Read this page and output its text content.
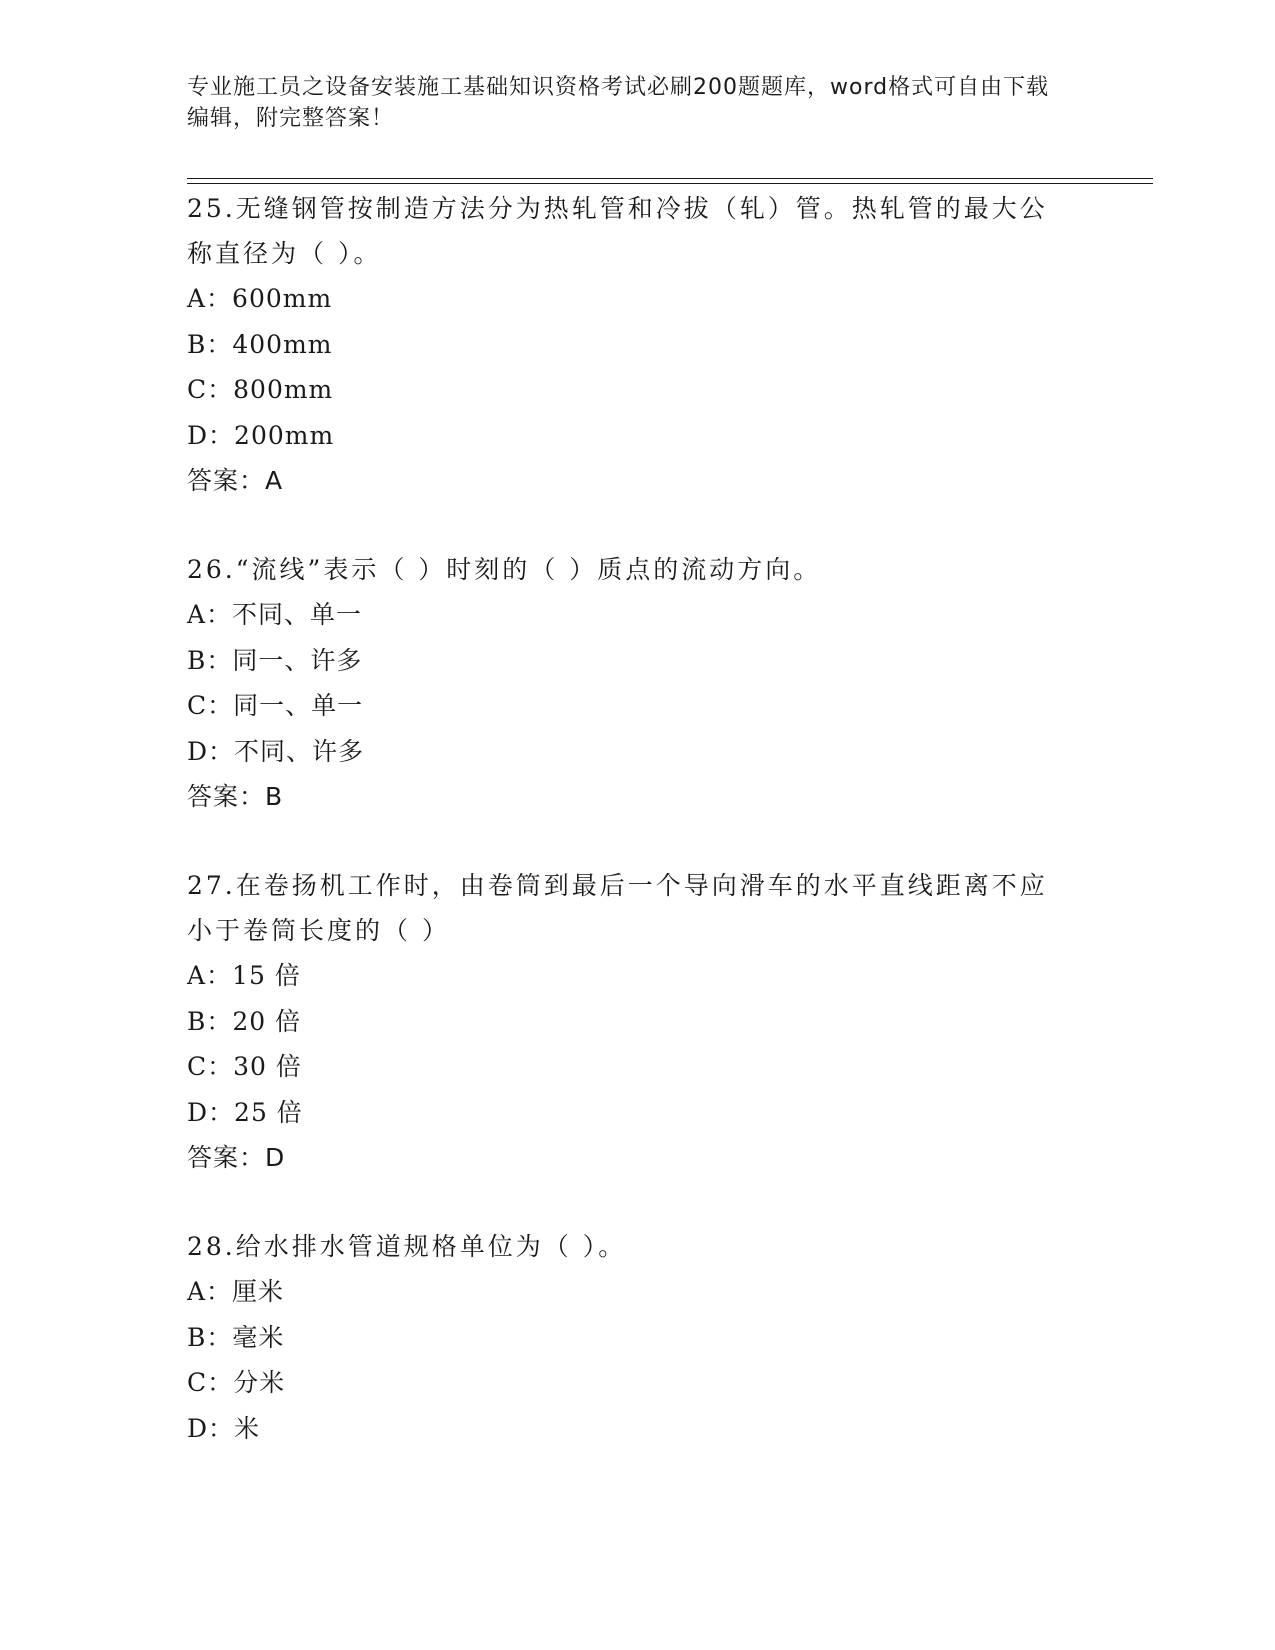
专业施工员之设备安装施工基础知识资格考试必刷200题题库，word格式可自由下载编辑，附完整答案！
25.无缝钢管按制造方法分为热轧管和冷拔（轧）管。热轧管的最大公称直径为（ ）。
A：600mm
B：400mm
C：800mm
D：200mm
答案：A
26.“流线”表示（ ）时刻的（ ）质点的流动方向。
A：不同、单一
B：同一、许多
C：同一、单一
D：不同、许多
答案：B
27.在卷扬机工作时，由卷筒到最后一个导向滑车的水平直线距离不应小于卷筒长度的（ ）
A：15 倍
B：20 倍
C：30 倍
D：25 倍
答案：D
28.给水排水管道规格单位为（ ）。
A：厘米
B：毫米
C：分米
D：米
